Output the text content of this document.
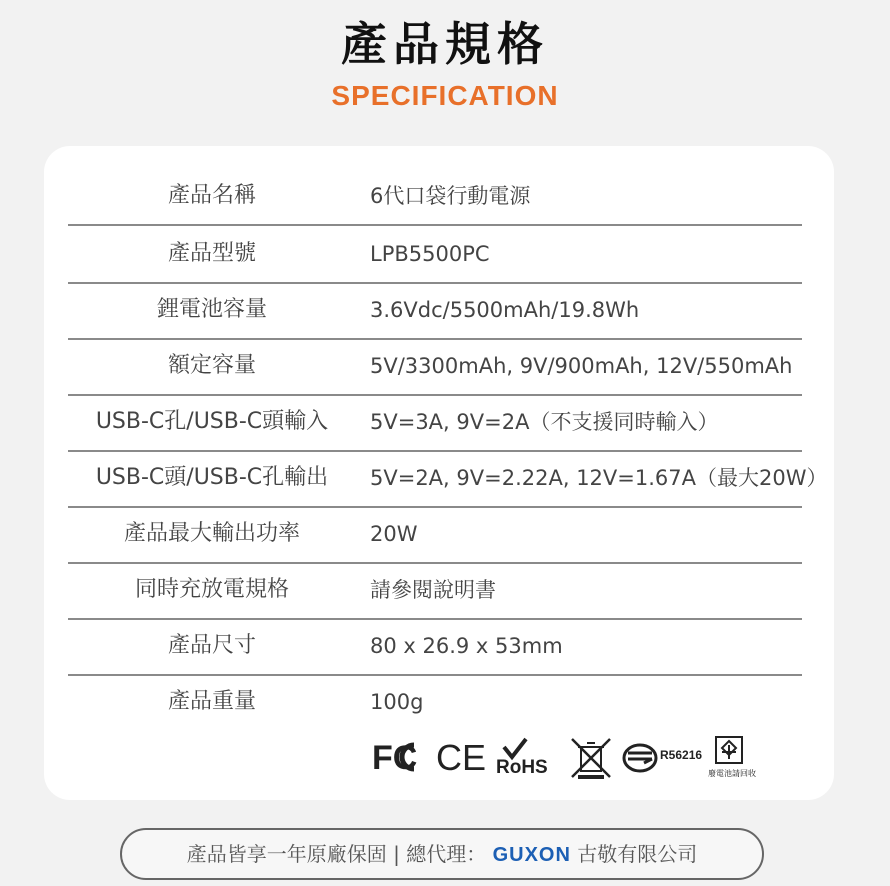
產品規格
SPECIFICATION
產品名稱	6代口袋行動電源
產品型號	LPB5500PC
鋰電池容量	3.6Vdc/5500mAh/19.8Wh
額定容量	5V/3300mAh, 9V/900mAh, 12V/550mAh
USB-C孔/USB-C頭輸入	5V=3A, 9V=2A（不支援同時輸入）
USB-C頭/USB-C孔輸出	5V=2A, 9V=2.22A, 12V=1.67A（最大20W）
產品最大輸出功率	20W
同時充放電規格	請參閱說明書
產品尺寸	80 x 26.9 x 53mm
產品重量	100g
FC CE RoHS
R56216
廢電池請回收
產品皆享一年原廠保固 | 總代理： GUXON 古敬有限公司
